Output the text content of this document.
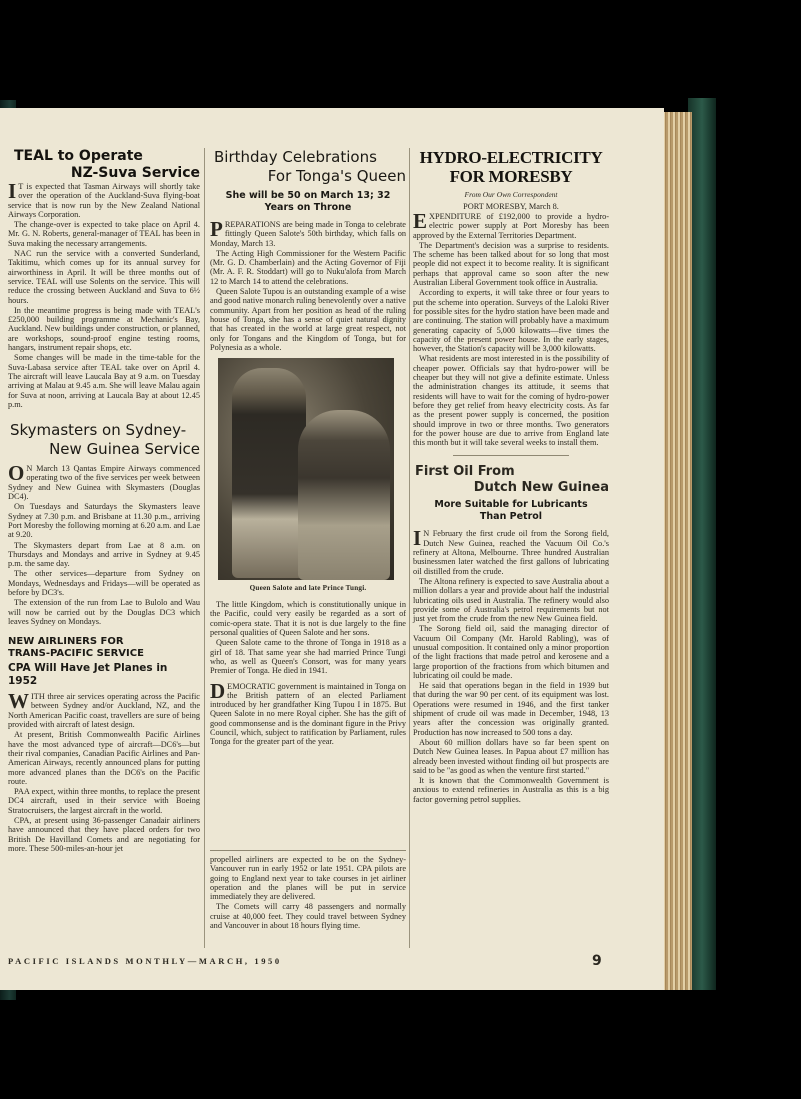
TEAL to Operate
NZ-Suva Service

I T is expected that Tasman Airways will shortly take over the operation of the Auckland-Suva flying-boat service that is now run by the New Zealand National Airways Corporation.

The change-over is expected to take place on April 4. Mr. G. N. Roberts, general-manager of TEAL has been in Suva making the necessary arrangements.

NAC run the service with a converted Sunderland, Takitimu, which comes up for its annual survey for airworthiness in April. It will be three months out of service. TEAL will use Solents on the service. This will reduce the crossing between Auckland and Suva to 6½ hours.

In the meantime progress is being made with TEAL's £250,000 building programme at Mechanic's Bay, Auckland. New buildings under construction, or planned, are workshops, sound-proof engine testing rooms, hangars, instrument repair shops, etc.

Some changes will be made in the time-table for the Suva-Labasa service after TEAL take over on April 4. The aircraft will leave Laucala Bay at 9 a.m. on Tuesday arriving at Malau at 9.45 a.m. She will leave Malau again for Suva at noon, arriving at Laucala Bay at about 12.45 p.m.

Skymasters on Sydney-
New Guinea Service

O N March 13 Qantas Empire Airways commenced operating two of the five services per week between Sydney and New Guinea with Skymasters (Douglas DC4).

On Tuesdays and Saturdays the Skymasters leave Sydney at 7.30 p.m. and Brisbane at 11.30 p.m., arriving Port Moresby the following morning at 6.20 a.m. and Lae at 9.20.

The Skymasters depart from Lae at 8 a.m. on Thursdays and Mondays and arrive in Sydney at 9.45 p.m. the same day.

The other services—departure from Sydney on Mondays, Wednesdays and Fridays—will be operated as before by DC3's.

The extension of the run from Lae to Bulolo and Wau will now be carried out by the Douglas DC3 which leaves Sydney on Mondays.

NEW AIRLINERS FOR
TRANS-PACIFIC SERVICE
CPA Will Have Jet Planes in 1952

WITH three air services operating across the Pacific between Sydney and/or Auckland, NZ, and the North American Pacific coast, travellers are sure of being provided with aircraft of latest design.

At present, British Commonwealth Pacific Airlines have the most advanced type of aircraft—DC6's—but their rival companies, Canadian Pacific Airlines and Pan-American Airways, recently announced plans for putting more advanced planes than the DC6's on the Pacific route.

PAA expect, within three months, to replace the present DC4 aircraft, used in their service with Boeing Stratocruisers, the largest aircraft in the world.

CPA, at present using 36-passenger Canadair airliners have announced that they have placed orders for two British De Havilland Comets and are negotiating for more. These 500-miles-an-hour jet

Birthday Celebrations
For Tonga's Queen
She will be 50 on March 13; 32 Years on Throne

PREPARATIONS are being made in Tonga to celebrate fittingly Queen Salote's 50th birthday, which falls on Monday, March 13.

The Acting High Commissioner for the Western Pacific (Mr. G. D. Chamberlain) and the Acting Governor of Fiji (Mr. A. F. R. Stoddart) will go to Nuku'alofa from March 12 to March 14 to attend the celebrations.

Queen Salote Tupou is an outstanding example of a wise and good native monarch ruling benevolently over a native community. Apart from her position as head of the ruling house of Tonga, she has a sense of quiet natural dignity that has created in the world at large great respect, not only for Tongans and the Kingdom of Tonga, but for Polynesia as a whole.

Queen Salote and late Prince Tungi.

The little Kingdom, which is constitutionally unique in the Pacific, could very easily be regarded as a sort of comic-opera state. That it is not is due largely to the fine personal qualities of Queen Salote and her sons.

Queen Salote came to the throne of Tonga in 1918 as a girl of 18. That same year she had married Prince Tungi who, as well as Queen's Consort, was for many years Premier of Tonga. He died in 1941.

DEMOCRATIC government is maintained in Tonga on the British pattern of an elected Parliament introduced by her grandfather King Tupou I in 1875. But Queen Salote in no mere Royal cipher. She has the gift of good commonsense and is the dominant figure in the Privy Council, which, subject to ratification by Parliament, rules Tonga for the greater part of the year.

propelled airliners are expected to be on the Sydney-Vancouver run in early 1952 or late 1951. CPA pilots are going to England next year to take courses in jet airliner operation and the planes will be put in service immediately they are delivered.

The Comets will carry 48 passengers and normally cruise at 40,000 feet. They could travel between Sydney and Vancouver in about 18 hours flying time.

HYDRO-ELECTRICITY FOR MORESBY
From Our Own Correspondent
PORT MORESBY, March 8.

EXPENDITURE of £192,000 to provide a hydro-electric power supply at Port Moresby has been approved by the External Territories Department.

The Department's decision was a surprise to residents. The scheme has been talked about for so long that most people did not expect it to become reality. It is significant perhaps that approval came so soon after the new Australian Liberal Government took office in Australia.

According to experts, it will take three or four years to put the scheme into operation. Surveys of the Laloki River for possible sites for the hydro station have been made and are continuing. The station will probably have a maximum generating capacity of 5,000 kilowatts—five times the capacity of the present power house. In the early stages, however, the Station's capacity will be 3,000 kilowatts.

What residents are most interested in is the possibility of cheaper power. Officials say that hydro-power will be cheaper but they will not give a definite estimate. Unless the administration changes its attitude, it seems that residents will have to wait for the coming of hydro-power before they get relief from heavy electricity costs. As far as the present power supply is concerned, the position should improve in two or three months. Two generators for the power house are due to arrive from England late this month but it will take several weeks to install them.

First Oil From
Dutch New Guinea
More Suitable for Lubricants
Than Petrol

I N February the first crude oil from the Sorong field, Dutch New Guinea, reached the Vacuum Oil Co.'s refinery at Altona, Melbourne. Three hundred Australian businessmen later watched the first gallons of lubricating oil distilled from the crude.

The Altona refinery is expected to save Australia about a million dollars a year and provide about half the industrial lubricating oils used in Australia. The refinery would also provide some of Australia's petrol requirements but not just yet from the crude from the new New Guinea field.

The Sorong field oil, said the managing director of Vacuum Oil Company (Mr. Harold Rabling), was of unusual composition. It contained only a minor proportion of the light fractions that made petrol and kerosene and a large proportion of the fractions from which bitumen and lubricating oil could be made.

He said that operations began in the field in 1939 but that during the war 90 per cent. of its equipment was lost. Operations were resumed in 1946, and the first tanker shipment of crude oil was made in December, 1948, 13 years after the concession was originally granted. Production has now increased to 500 tons a day.

About 60 million dollars have so far been spent on Dutch New Guinea leases. In Papua about £7 million has already been invested without finding oil but prospects are said to be "as good as when the venture first started."

It is known that the Commonwealth Government is anxious to extend refineries in Australia as this is a big factor governing petrol supplies.

PACIFIC ISLANDS MONTHLY—MARCH, 1950	9
